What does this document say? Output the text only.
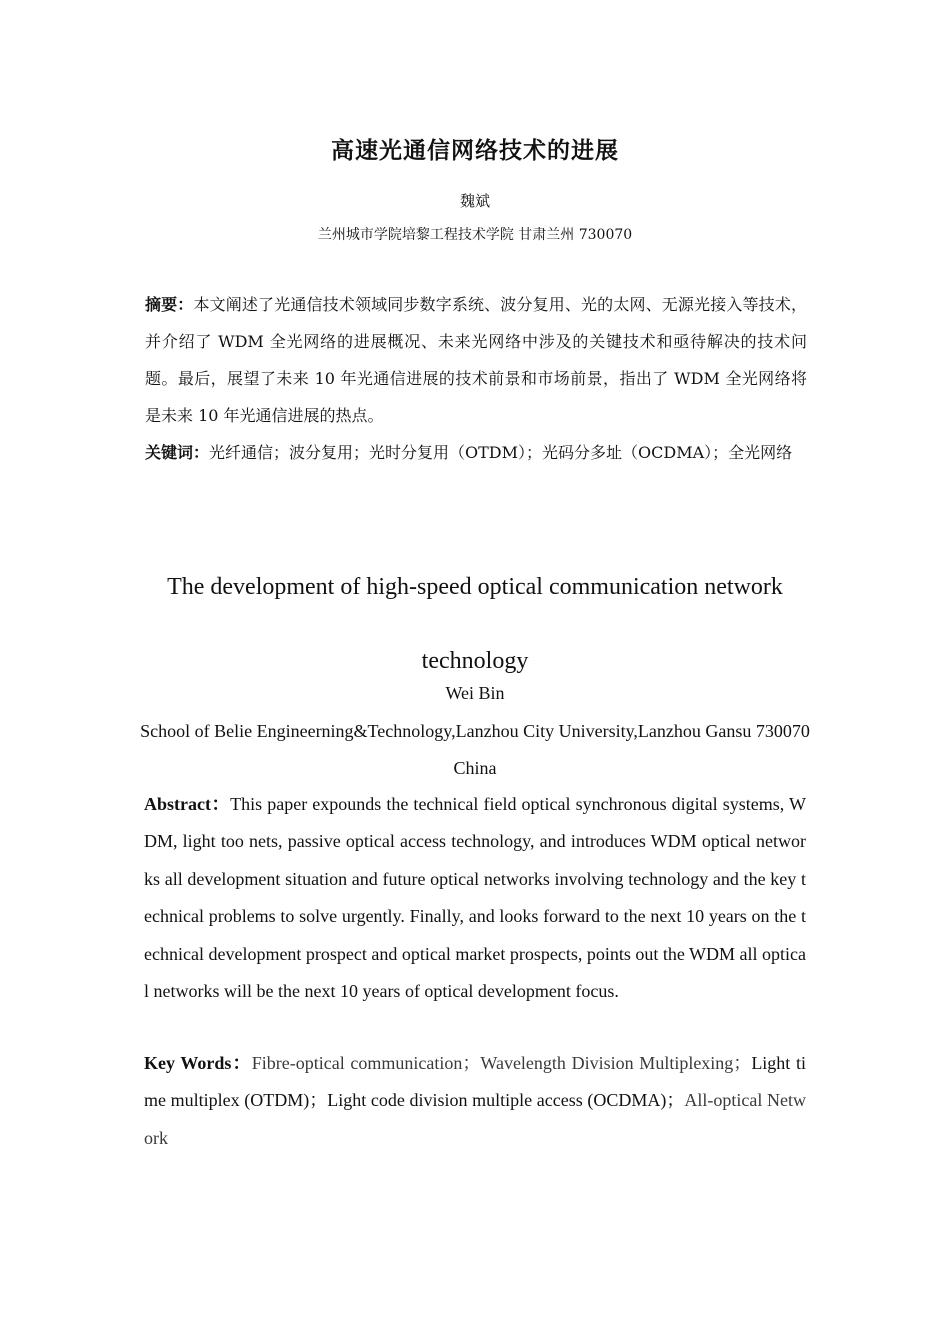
高速光通信网络技术的进展
魏斌
兰州城市学院培黎工程技术学院 甘肃兰州 730070
摘要：本文阐述了光通信技术领域同步数字系统、波分复用、光的太网、无源光接入等技术，并介绍了 WDM 全光网络的进展概况、未来光网络中涉及的关键技术和亟待解决的技术问题。最后，展望了未来 10 年光通信进展的技术前景和市场前景，指出了 WDM 全光网络将是未来 10 年光通信进展的热点。
关键词：光纤通信；波分复用；光时分复用（OTDM）；光码分多址（OCDMA）；全光网络
The development of high-speed optical communication network technology
Wei Bin
School of Belie Engineerning&Technology,Lanzhou City University,Lanzhou Gansu 730070 China
Abstract：This paper expounds the technical field optical synchronous digital systems, WDM, light too nets, passive optical access technology, and introduces WDM optical networks all development situation and future optical networks involving technology and the key technical problems to solve urgently. Finally, and looks forward to the next 10 years on the technical development prospect and optical market prospects, points out the WDM all optical networks will be the next 10 years of optical development focus.
Key Words：Fibre-optical communication；Wavelength Division Multiplexing；Light time multiplex (OTDM)；Light code division multiple access (OCDMA)；All-optical Network
